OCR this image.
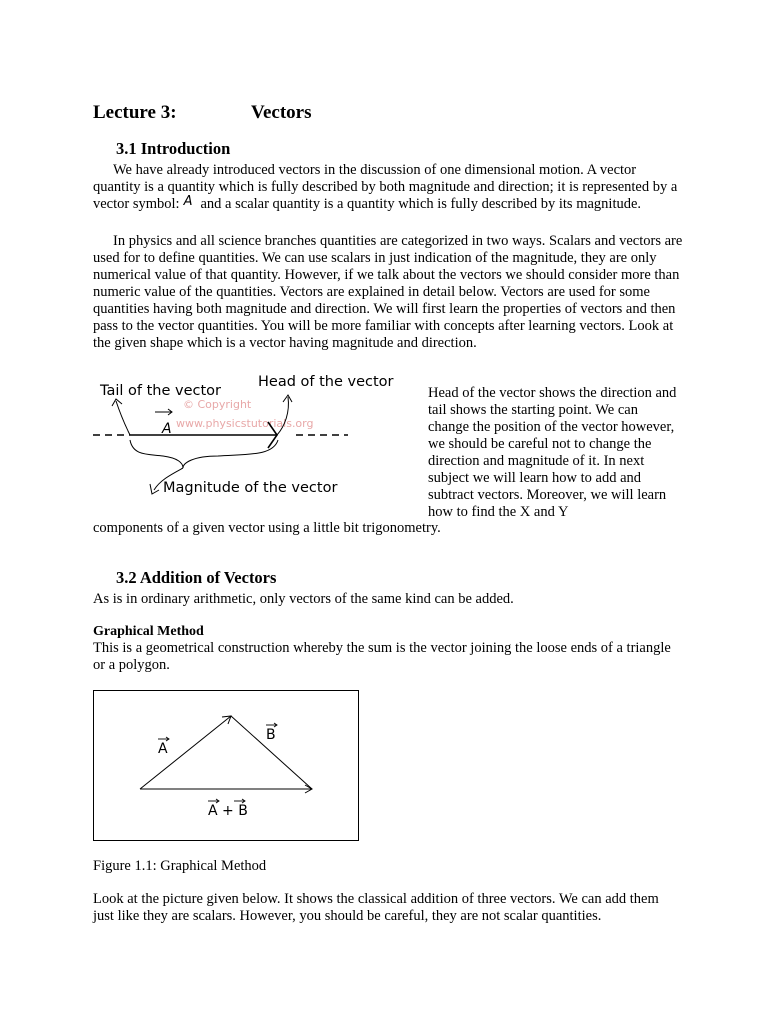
Lecture 3:	Vectors
3.1 Introduction

We have already introduced vectors in the discussion of one dimensional motion. A vector quantity is a quantity which is fully described by both magnitude and direction; it is represented by a vector symbol: A and a scalar quantity is a quantity which is fully described by its magnitude.

In physics and all science branches quantities are categorized in two ways. Scalars and vectors are used for to define quantities. We can use scalars in just indication of the magnitude, they are only numerical value of that quantity. However, if we talk about the vectors we should consider more than numeric value of the quantities. Vectors are explained in detail below. Vectors are used for some quantities having both magnitude and direction. We will first learn the properties of vectors and then pass to the vector quantities. You will be more familiar with concepts after learning vectors. Look at the given shape which is a vector having magnitude and direction.

Tail of the vector
Head of the vector
A
Magnitude of the vector
© Copyright
www.physicstutorials.org
Head of the vector shows the direction and tail shows the starting point. We can change the position of the vector however, we should be careful not to change the direction and magnitude of it. In next subject we will learn how to add and subtract vectors. Moreover, we will learn how to find the X and Y
components of a given vector using a little bit trigonometry.
3.2 Addition of Vectors
As is in ordinary arithmetic, only vectors of the same kind can be added.
Graphical Method
This is a geometrical construction whereby the sum is the vector joining the loose ends of a triangle or a polygon.
A
B
A + B
Figure 1.1: Graphical Method
Look at the picture given below. It shows the classical addition of three vectors. We can add them just like they are scalars. However, you should be careful, they are not scalar quantities.
